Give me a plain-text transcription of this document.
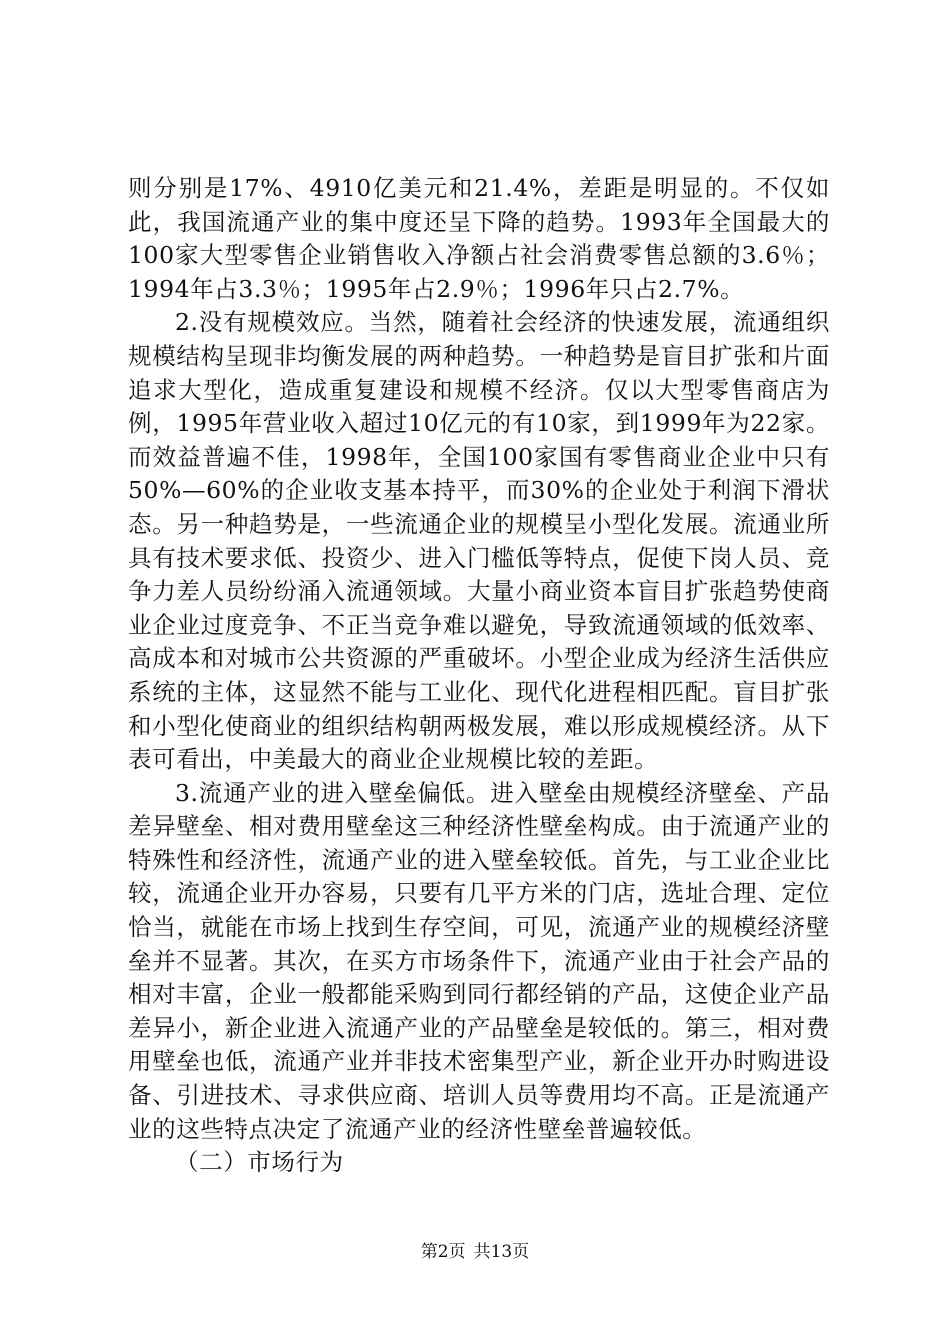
则分别是17%、4910亿美元和21.4%，差距是明显的。不仅如此，我国流通产业的集中度还呈下降的趋势。1993年全国最大的100家大型零售企业销售收入净额占社会消费零售总额的3.6％；1994年占3.3％；1995年占2.9％；1996年只占2.7%。

2.没有规模效应。当然，随着社会经济的快速发展，流通组织规模结构呈现非均衡发展的两种趋势。一种趋势是盲目扩张和片面追求大型化，造成重复建设和规模不经济。仅以大型零售商店为例，1995年营业收入超过10亿元的有10家，到1999年为22家。而效益普遍不佳，1998年，全国100家国有零售商业企业中只有50%—60%的企业收支基本持平，而30%的企业处于利润下滑状态。另一种趋势是，一些流通企业的规模呈小型化发展。流通业所具有技术要求低、投资少、进入门槛低等特点，促使下岗人员、竞争力差人员纷纷涌入流通领域。大量小商业资本盲目扩张趋势使商业企业过度竞争、不正当竞争难以避免，导致流通领域的低效率、高成本和对城市公共资源的严重破坏。小型企业成为经济生活供应系统的主体，这显然不能与工业化、现代化进程相匹配。盲目扩张和小型化使商业的组织结构朝两极发展，难以形成规模经济。从下表可看出，中美最大的商业企业规模比较的差距。

3.流通产业的进入壁垒偏低。进入壁垒由规模经济壁垒、产品差异壁垒、相对费用壁垒这三种经济性壁垒构成。由于流通产业的特殊性和经济性，流通产业的进入壁垒较低。首先，与工业企业比较，流通企业开办容易，只要有几平方米的门店，选址合理、定位恰当，就能在市场上找到生存空间，可见，流通产业的规模经济壁垒并不显著。其次，在买方市场条件下，流通产业由于社会产品的相对丰富，企业一般都能采购到同行都经销的产品，这使企业产品差异小，新企业进入流通产业的产品壁垒是较低的。第三，相对费用壁垒也低，流通产业并非技术密集型产业，新企业开办时购进设备、引进技术、寻求供应商、培训人员等费用均不高。正是流通产业的这些特点决定了流通产业的经济性壁垒普遍较低。

（二）市场行为

第2页 共13页
